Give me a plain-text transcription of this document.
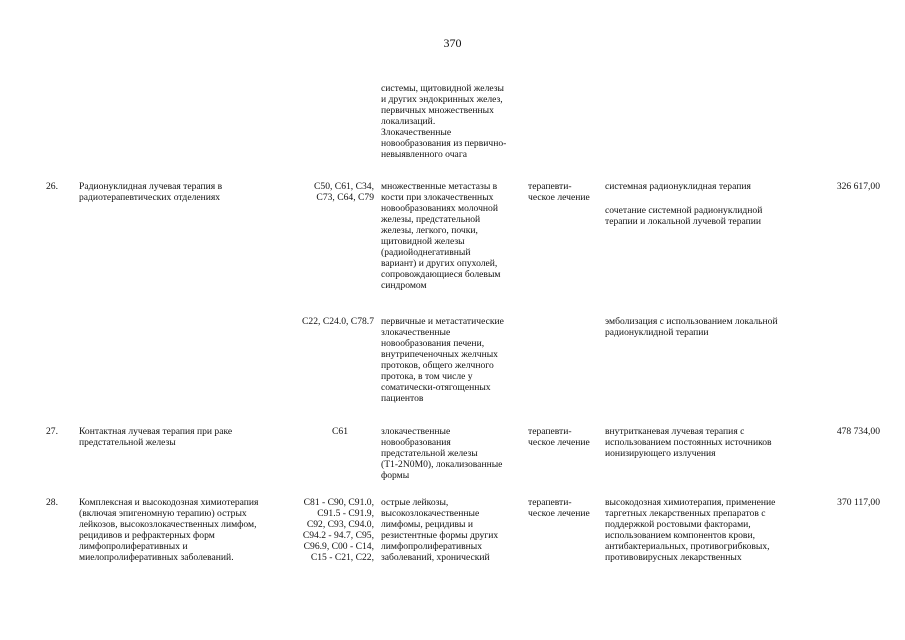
370
системы, щитовидной железы
и других эндокринных желез,
первичных множественных
локализаций.
Злокачественные
новообразования из первично-
невыявленного очага
26. Радионуклидная лучевая терапия в
радиотерапевтических отделениях
C50, C61, C34,
C73, C64, C79
множественные метастазы в
кости при злокачественных
новообразованиях молочной
железы, предстательной
железы, легкого, почки,
щитовидной железы
(радиойоднегативный
вариант) и других опухолей,
сопровождающиеся болевым
синдромом
терапевти-
ческое лечение
системная радионуклидная терапия
сочетание системной радионуклидной
терапии и локальной лучевой терапии
326 617,00
C22, C24.0, C78.7 первичные и метастатические
злокачественные
новообразования печени,
внутрипеченочных желчных
протоков, общего желчного
протока, в том числе у
соматически-отягощенных
пациентов
эмболизация с использованием локальной
радионуклидной терапии
27. Контактная лучевая терапия при раке
предстательной железы
C61	злокачественные
новообразования
предстательной железы
(T1-2N0M0), локализованные
формы
терапевти-
ческое лечение
внутритканевая лучевая терапия с
использованием постоянных источников
ионизирующего излучения
478 734,00
28. Комплексная и высокодозная химиотерапия
(включая эпигеномную терапию) острых
лейкозов, высокозлокачественных лимфом,
рецидивов и рефрактерных форм
лимфопролиферативных и
миелопролиферативных заболеваний.
C81 - C90, C91.0,
C91.5 - C91.9,
C92, C93, C94.0,
C94.2 - 94.7, C95,
C96.9, C00 - C14,
C15 - C21, C22,
острые лейкозы,
высокозлокачественные
лимфомы, рецидивы и
резистентные формы других
лимфопролиферативных
заболеваний, хронический
терапевти-
ческое лечение
высокодозная химиотерапия, применение
таргетных лекарственных препаратов с
поддержкой ростовыми факторами,
использованием компонентов крови,
антибактериальных, противогрибковых,
противовирусных лекарственных
370 117,00
